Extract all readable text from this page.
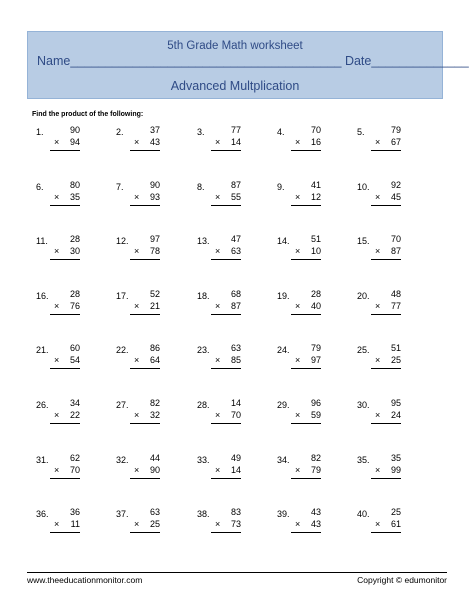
5th Grade Math worksheet
Name_______________________________________ Date______________
Advanced Multplication
Find the product of the following:
1.	90
× 94
2.	37
× 43
3.	77
× 14
4.	70
× 16
5.	79
× 67
6.	80
× 35
7.	90
× 93
8.	87
× 55
9.	41
× 12
10. 92
× 45
11. 28
× 30
12. 97
× 78
13. 47
× 63
14. 51
× 10
15. 70
× 87
16. 28
× 76
17. 52
× 21
18. 68
× 87
19. 28
× 40
20. 48
× 77
21. 60
× 54
22. 86
× 64
23. 63
× 85
24. 79
× 97
25. 51
× 25
26. 34
× 22
27. 82
× 32
28. 14
× 70
29. 96
× 59
30. 95
× 24
31. 62
× 70
32. 44
× 90
33. 49
× 14
34. 82
× 79
35. 35
× 99
36. 36
× 11
37. 63
× 25
38. 83
× 73
39. 43
× 43
40. 25
× 61
www.theeducationmonitor.com	Copyright © edumonitor
